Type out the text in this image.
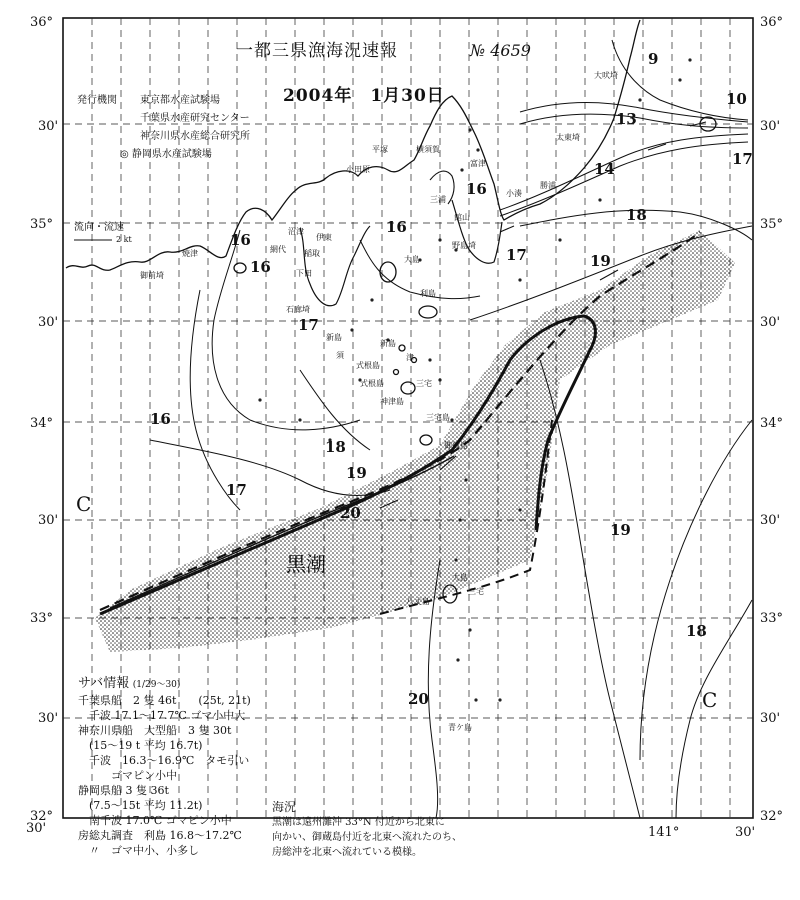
一都三県漁海況速報	№ 4659
2004年　1月30日
発行機関 東京都水産試験場
千葉県水産研究センター
神奈川県水産総合研究所
◎ 静岡県水産試験場
流向・流速
2 kt
36°
30'
35°
30'
34°
30'
33°
30'
32°
36°
30'
35°
30'
34°
30'
33°
30'
32°
30'	141°	30'
9
10
13
14
17
18
19
16
16
16
17
16
17
18
19
20
17
19
18
20
16
黒潮
C
C
大吠埼
太東埼
勝浦
小湊
平塚	横須賀
富津
小田原
三浦
館山
野島埼
沼津
稲取
大島
三宅島
式根島
神津島
御蔵島
八丈島
三宅
大島
新島
利島
石廊埼
御前埼
焼津	網代
伊東
下田
青ケ島
新島
三宅
式根島
須	津
サバ情報 (1/29〜30)
千葉県船　2 隻 46t　　(25t, 21t)
　千波 17.1〜17.7℃ ゴマ小中大
神奈川県船　大型船　3 隻 30t
　(15〜19 t 平均 16.7t)
　千波　16.3〜16.9℃　タモ引い
　　　ゴマピン小中
静岡県船 3 隻 36t
　(7.5〜15t 平均 11.2t)
　南千波 17.0℃ ゴマピン小中
房総丸調査　利島 16.8〜17.2℃
　〃　ゴマ中小、小多し
海況
黒潮は遠州灘沖 33°N 付近から北東に
向かい、御蔵島付近を北東へ流れたのち、
房総沖を北東へ流れている模様。
